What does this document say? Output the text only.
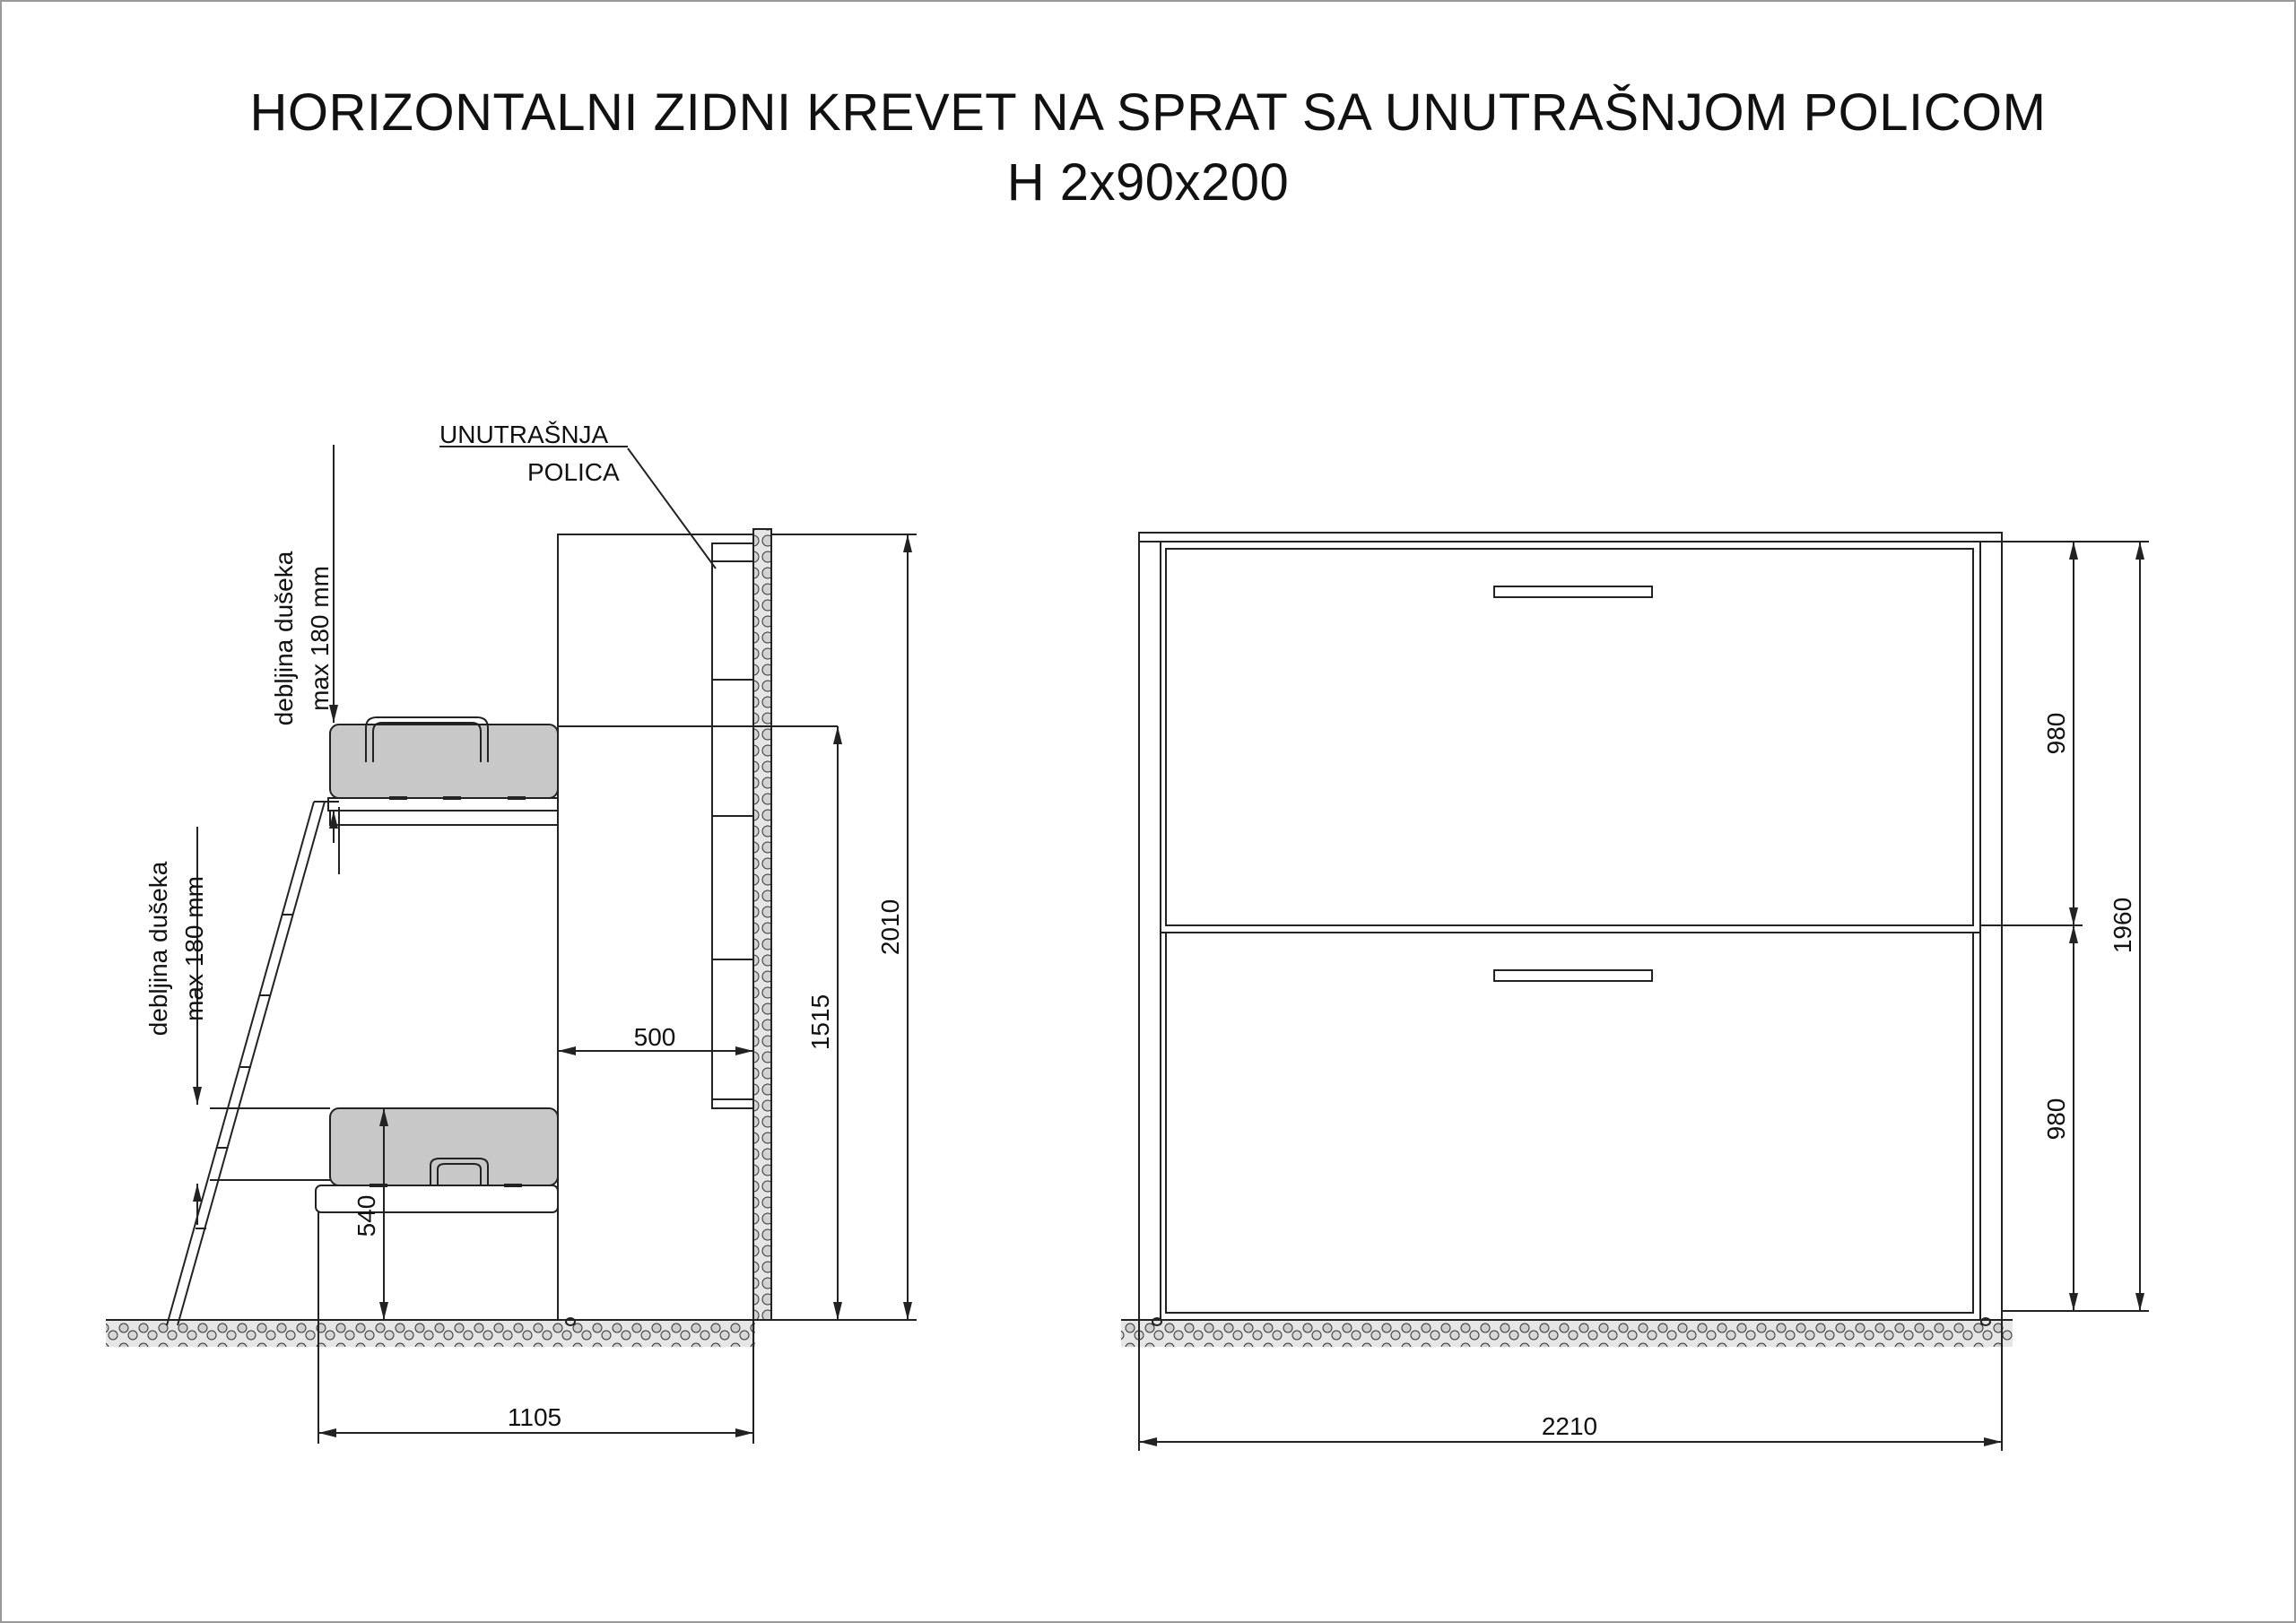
HORIZONTALNI ZIDNI KREVET NA SPRAT SA UNUTRAŠNJOM POLICOM
H 2x90x200
UNUTRAŠNJA
POLICA
debljina dušeka max 180 mm
debljina dušeka max 180 mm
500	1515
2010
540
1105
980
980
1960
2210
